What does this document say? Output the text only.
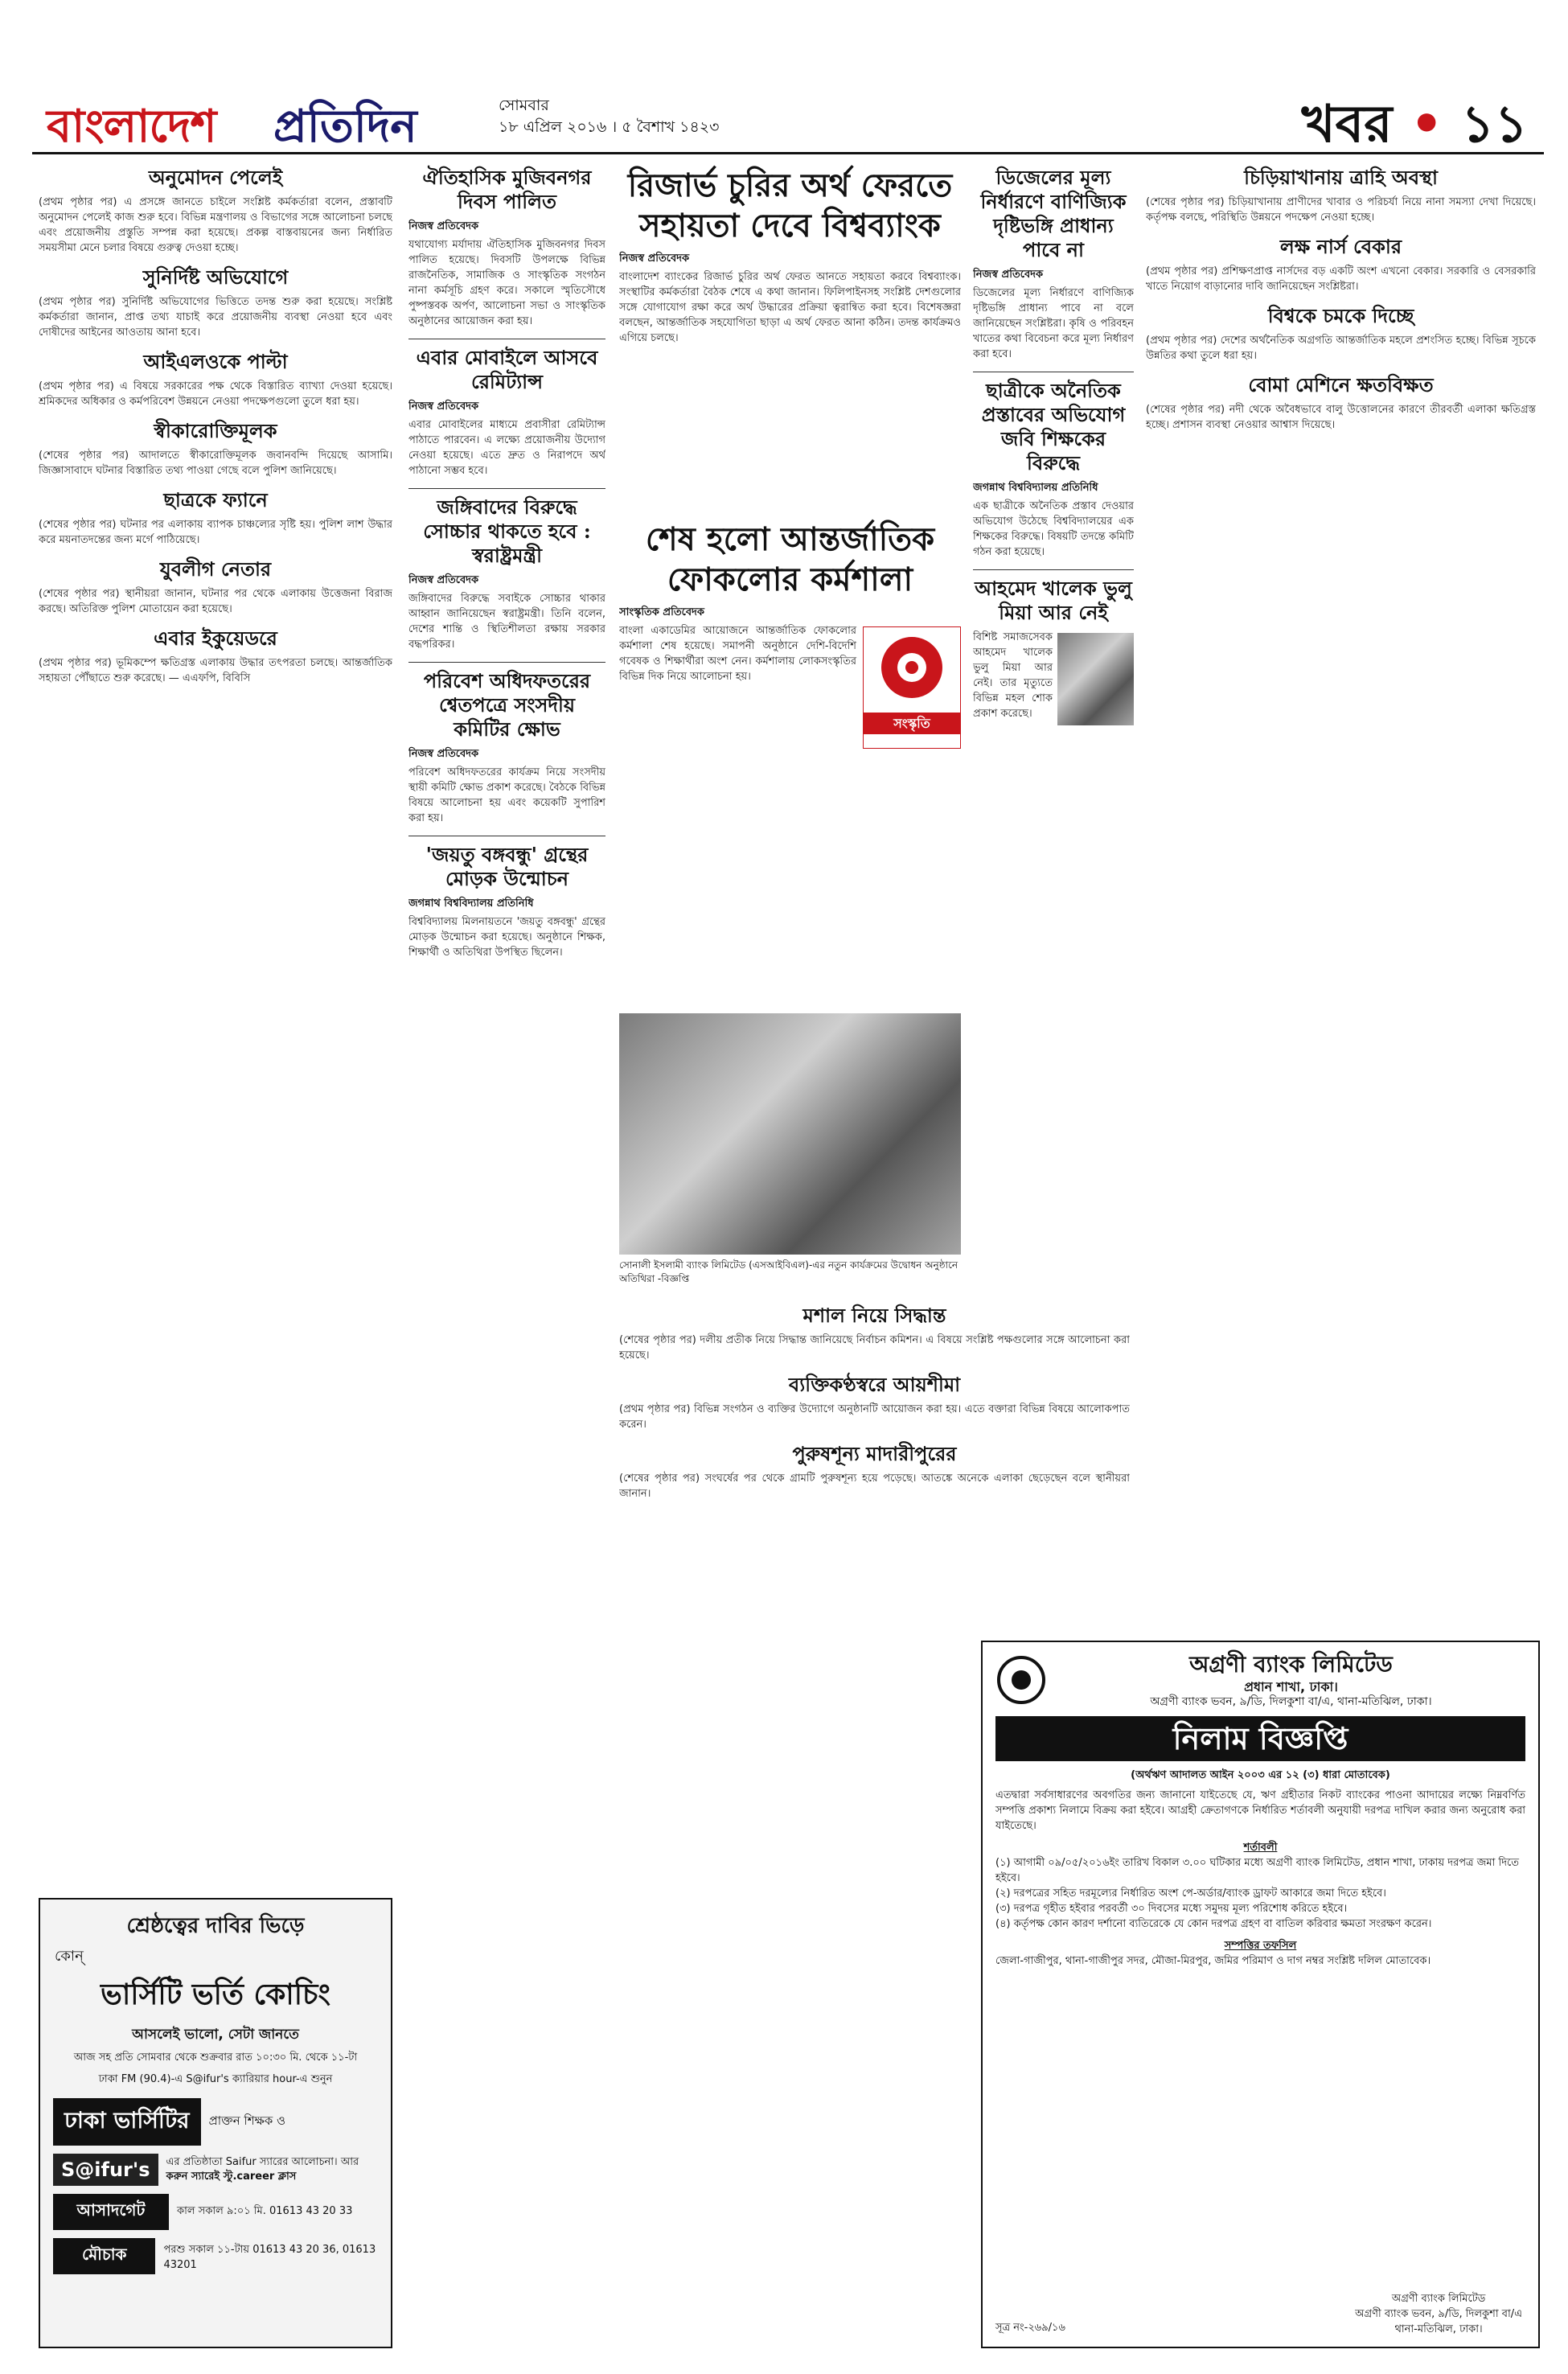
বাংলাদেশ প্রতিদিন	সোমবার
১৮ এপ্রিল ২০১৬ । ৫ বৈশাখ ১৪২৩	খবর • ১১
অনুমোদন পেলেই
(প্রথম পৃষ্ঠার পর) এ প্রসঙ্গে জানতে চাইলে সংশ্লিষ্ট কর্মকর্তারা বলেন, প্রস্তাবটি অনুমোদন পেলেই কাজ শুরু হবে। বিভিন্ন মন্ত্রণালয় ও বিভাগের সঙ্গে আলোচনা চলছে এবং প্রয়োজনীয় প্রস্তুতি সম্পন্ন করা হয়েছে। প্রকল্প বাস্তবায়নের জন্য নির্ধারিত সময়সীমা মেনে চলার বিষয়ে গুরুত্ব দেওয়া হচ্ছে।
সুনির্দিষ্ট অভিযোগে
(প্রথম পৃষ্ঠার পর) সুনির্দিষ্ট অভিযোগের ভিত্তিতে তদন্ত শুরু করা হয়েছে। সংশ্লিষ্ট কর্মকর্তারা জানান, প্রাপ্ত তথ্য যাচাই করে প্রয়োজনীয় ব্যবস্থা নেওয়া হবে এবং দোষীদের আইনের আওতায় আনা হবে।
আইএলওকে পাল্টা
(প্রথম পৃষ্ঠার পর) এ বিষয়ে সরকারের পক্ষ থেকে বিস্তারিত ব্যাখ্যা দেওয়া হয়েছে। শ্রমিকদের অধিকার ও কর্মপরিবেশ উন্নয়নে নেওয়া পদক্ষেপগুলো তুলে ধরা হয়।
স্বীকারোক্তিমূলক
(শেষের পৃষ্ঠার পর) আদালতে স্বীকারোক্তিমূলক জবানবন্দি দিয়েছে আসামি। জিজ্ঞাসাবাদে ঘটনার বিস্তারিত তথ্য পাওয়া গেছে বলে পুলিশ জানিয়েছে।
ছাত্রকে ফ্যানে
(শেষের পৃষ্ঠার পর) ঘটনার পর এলাকায় ব্যাপক চাঞ্চল্যের সৃষ্টি হয়। পুলিশ লাশ উদ্ধার করে ময়নাতদন্তের জন্য মর্গে পাঠিয়েছে।
যুবলীগ নেতার
(শেষের পৃষ্ঠার পর) স্থানীয়রা জানান, ঘটনার পর থেকে এলাকায় উত্তেজনা বিরাজ করছে। অতিরিক্ত পুলিশ মোতায়েন করা হয়েছে।
এবার ইকুয়েডরে
(প্রথম পৃষ্ঠার পর) ভূমিকম্পে ক্ষতিগ্রস্ত এলাকায় উদ্ধার তৎপরতা চলছে। আন্তর্জাতিক সহায়তা পৌঁছাতে শুরু করেছে। — এএফপি, বিবিসি
শ্রেষ্ঠত্বের দাবির ভিড়ে
কোন্‌
ভার্সিটি ভর্তি কোচিং
আসলেই ভালো, সেটা জানতে
আজ সহ প্রতি সোমবার থেকে শুক্রবার রাত ১০:৩০ মি. থেকে ১১-টা
ঢাকা FM (90.4)-এ S@ifur's ক্যারিয়ার hour-এ শুনুন
ঢাকা ভার্সিটির	প্রাক্তন শিক্ষক ও
S@ifur's	এর প্রতিষ্ঠাতা Saifur স্যারের আলোচনা। আর
করুন স্যারেই স্টু.career ক্লাস
আসাদগেট	কাল সকাল ৯:০১ মি. 01613 43 20 33
মৌচাক	পরশু সকাল ১১-টায় 01613 43 20 36, 01613 43201
ঐতিহাসিক মুজিবনগর দিবস পালিত
নিজস্ব প্রতিবেদক
যথাযোগ্য মর্যাদায় ঐতিহাসিক মুজিবনগর দিবস পালিত হয়েছে। দিবসটি উপলক্ষে বিভিন্ন রাজনৈতিক, সামাজিক ও সাংস্কৃতিক সংগঠন নানা কর্মসূচি গ্রহণ করে। সকালে স্মৃতিসৌধে পুষ্পস্তবক অর্পণ, আলোচনা সভা ও সাংস্কৃতিক অনুষ্ঠানের আয়োজন করা হয়।
এবার মোবাইলে আসবে রেমিট্যান্স
নিজস্ব প্রতিবেদক
এবার মোবাইলের মাধ্যমে প্রবাসীরা রেমিট্যান্স পাঠাতে পারবেন। এ লক্ষ্যে প্রয়োজনীয় উদ্যোগ নেওয়া হয়েছে। এতে দ্রুত ও নিরাপদে অর্থ পাঠানো সম্ভব হবে।
জঙ্গিবাদের বিরুদ্ধে সোচ্চার থাকতে হবে : স্বরাষ্ট্রমন্ত্রী
নিজস্ব প্রতিবেদক
জঙ্গিবাদের বিরুদ্ধে সবাইকে সোচ্চার থাকার আহ্বান জানিয়েছেন স্বরাষ্ট্রমন্ত্রী। তিনি বলেন, দেশের শান্তি ও স্থিতিশীলতা রক্ষায় সরকার বদ্ধপরিকর।
পরিবেশ অধিদফতরের শ্বেতপত্রে সংসদীয় কমিটির ক্ষোভ
নিজস্ব প্রতিবেদক
পরিবেশ অধিদফতরের কার্যক্রম নিয়ে সংসদীয় স্থায়ী কমিটি ক্ষোভ প্রকাশ করেছে। বৈঠকে বিভিন্ন বিষয়ে আলোচনা হয় এবং কয়েকটি সুপারিশ করা হয়।
'জয়তু বঙ্গবন্ধু' গ্রন্থের মোড়ক উন্মোচন
জগন্নাথ বিশ্ববিদ্যালয় প্রতিনিধি
বিশ্ববিদ্যালয় মিলনায়তনে 'জয়তু বঙ্গবন্ধু' গ্রন্থের মোড়ক উন্মোচন করা হয়েছে। অনুষ্ঠানে শিক্ষক, শিক্ষার্থী ও অতিথিরা উপস্থিত ছিলেন।
রিজার্ভ চুরির অর্থ ফেরতে সহায়তা দেবে বিশ্বব্যাংক
নিজস্ব প্রতিবেদক
বাংলাদেশ ব্যাংকের রিজার্ভ চুরির অর্থ ফেরত আনতে সহায়তা করবে বিশ্বব্যাংক। সংস্থাটির কর্মকর্তারা বৈঠক শেষে এ কথা জানান। ফিলিপাইনসহ সংশ্লিষ্ট দেশগুলোর সঙ্গে যোগাযোগ রক্ষা করে অর্থ উদ্ধারের প্রক্রিয়া ত্বরান্বিত করা হবে। বিশেষজ্ঞরা বলছেন, আন্তর্জাতিক সহযোগিতা ছাড়া এ অর্থ ফেরত আনা কঠিন। তদন্ত কার্যক্রমও এগিয়ে চলছে।
শেষ হলো আন্তর্জাতিক ফোকলোর কর্মশালা
সাংস্কৃতিক প্রতিবেদক
সংস্কৃতি
বাংলা একাডেমির আয়োজনে আন্তর্জাতিক ফোকলোর কর্মশালা শেষ হয়েছে। সমাপনী অনুষ্ঠানে দেশি-বিদেশি গবেষক ও শিক্ষার্থীরা অংশ নেন। কর্মশালায় লোকসংস্কৃতির বিভিন্ন দিক নিয়ে আলোচনা হয়।
সোনালী ইসলামী ব্যাংক লিমিটেড (এসআইবিএল)-এর নতুন কার্যক্রমের উদ্বোধন অনুষ্ঠানে অতিথিরা -বিজ্ঞপ্তি
মশাল নিয়ে সিদ্ধান্ত
(শেষের পৃষ্ঠার পর) দলীয় প্রতীক নিয়ে সিদ্ধান্ত জানিয়েছে নির্বাচন কমিশন। এ বিষয়ে সংশ্লিষ্ট পক্ষগুলোর সঙ্গে আলোচনা করা হয়েছে।
ব্যক্তিকণ্ঠস্বরে আয়শীমা
(প্রথম পৃষ্ঠার পর) বিভিন্ন সংগঠন ও ব্যক্তির উদ্যোগে অনুষ্ঠানটি আয়োজন করা হয়। এতে বক্তারা বিভিন্ন বিষয়ে আলোকপাত করেন।
পুরুষশূন্য মাদারীপুরের
(শেষের পৃষ্ঠার পর) সংঘর্ষের পর থেকে গ্রামটি পুরুষশূন্য হয়ে পড়েছে। আতঙ্কে অনেকে এলাকা ছেড়েছেন বলে স্থানীয়রা জানান।
ডিজেলের মূল্য নির্ধারণে বাণিজ্যিক দৃষ্টিভঙ্গি প্রাধান্য পাবে না
নিজস্ব প্রতিবেদক
ডিজেলের মূল্য নির্ধারণে বাণিজ্যিক দৃষ্টিভঙ্গি প্রাধান্য পাবে না বলে জানিয়েছেন সংশ্লিষ্টরা। কৃষি ও পরিবহন খাতের কথা বিবেচনা করে মূল্য নির্ধারণ করা হবে।
ছাত্রীকে অনৈতিক প্রস্তাবের অভিযোগ জবি শিক্ষকের বিরুদ্ধে
জগন্নাথ বিশ্ববিদ্যালয় প্রতিনিধি
এক ছাত্রীকে অনৈতিক প্রস্তাব দেওয়ার অভিযোগ উঠেছে বিশ্ববিদ্যালয়ের এক শিক্ষকের বিরুদ্ধে। বিষয়টি তদন্তে কমিটি গঠন করা হয়েছে।
আহমেদ খালেক ভুলু মিয়া আর নেই
বিশিষ্ট সমাজসেবক আহমেদ খালেক ভুলু মিয়া আর নেই। তার মৃত্যুতে বিভিন্ন মহল শোক প্রকাশ করেছে।
চিড়িয়াখানায় ত্রাহি অবস্থা
(শেষের পৃষ্ঠার পর) চিড়িয়াখানায় প্রাণীদের খাবার ও পরিচর্যা নিয়ে নানা সমস্যা দেখা দিয়েছে। কর্তৃপক্ষ বলছে, পরিস্থিতি উন্নয়নে পদক্ষেপ নেওয়া হচ্ছে।
লক্ষ নার্স বেকার
(প্রথম পৃষ্ঠার পর) প্রশিক্ষণপ্রাপ্ত নার্সদের বড় একটি অংশ এখনো বেকার। সরকারি ও বেসরকারি খাতে নিয়োগ বাড়ানোর দাবি জানিয়েছেন সংশ্লিষ্টরা।
বিশ্বকে চমকে দিচ্ছে
(প্রথম পৃষ্ঠার পর) দেশের অর্থনৈতিক অগ্রগতি আন্তর্জাতিক মহলে প্রশংসিত হচ্ছে। বিভিন্ন সূচকে উন্নতির কথা তুলে ধরা হয়।
বোমা মেশিনে ক্ষতবিক্ষত
(শেষের পৃষ্ঠার পর) নদী থেকে অবৈধভাবে বালু উত্তোলনের কারণে তীরবর্তী এলাকা ক্ষতিগ্রস্ত হচ্ছে। প্রশাসন ব্যবস্থা নেওয়ার আশ্বাস দিয়েছে।
অগ্রণী ব্যাংক লিমিটেড
প্রধান শাখা, ঢাকা।
অগ্রণী ব্যাংক ভবন, ৯/ডি, দিলকুশা বা/এ, থানা-মতিঝিল, ঢাকা।
নিলাম বিজ্ঞপ্তি
(অর্থঋণ আদালত আইন ২০০৩ এর ১২ (৩) ধারা মোতাবেক)
এতদ্বারা সর্বসাধারণের অবগতির জন্য জানানো যাইতেছে যে, ঋণ গ্রহীতার নিকট ব্যাংকের পাওনা আদায়ের লক্ষ্যে নিম্নবর্ণিত সম্পত্তি প্রকাশ্য নিলামে বিক্রয় করা হইবে। আগ্রহী ক্রেতাগণকে নির্ধারিত শর্তাবলী অনুযায়ী দরপত্র দাখিল করার জন্য অনুরোধ করা যাইতেছে।
শর্তাবলী
(১) আগামী ০৯/০৫/২০১৬ইং তারিখ বিকাল ৩.০০ ঘটিকার মধ্যে অগ্রণী ব্যাংক লিমিটেড, প্রধান শাখা, ঢাকায় দরপত্র জমা দিতে হইবে।
(২) দরপত্রের সহিত দরমূল্যের নির্ধারিত অংশ পে-অর্ডার/ব্যাংক ড্রাফট আকারে জমা দিতে হইবে।
(৩) দরপত্র গৃহীত হইবার পরবর্তী ৩০ দিবসের মধ্যে সমুদয় মূল্য পরিশোধ করিতে হইবে।
(৪) কর্তৃপক্ষ কোন কারণ দর্শানো ব্যতিরেকে যে কোন দরপত্র গ্রহণ বা বাতিল করিবার ক্ষমতা সংরক্ষণ করেন।
সম্পত্তির তফসিল
জেলা-গাজীপুর, থানা-গাজীপুর সদর, মৌজা-মিরপুর, জমির পরিমাণ ও দাগ নম্বর সংশ্লিষ্ট দলিল মোতাবেক।
সূত্র নং-২৬৯/১৬
অগ্রণী ব্যাংক লিমিটেড
অগ্রণী ব্যাংক ভবন, ৯/ডি, দিলকুশা বা/এ
থানা-মতিঝিল, ঢাকা।
